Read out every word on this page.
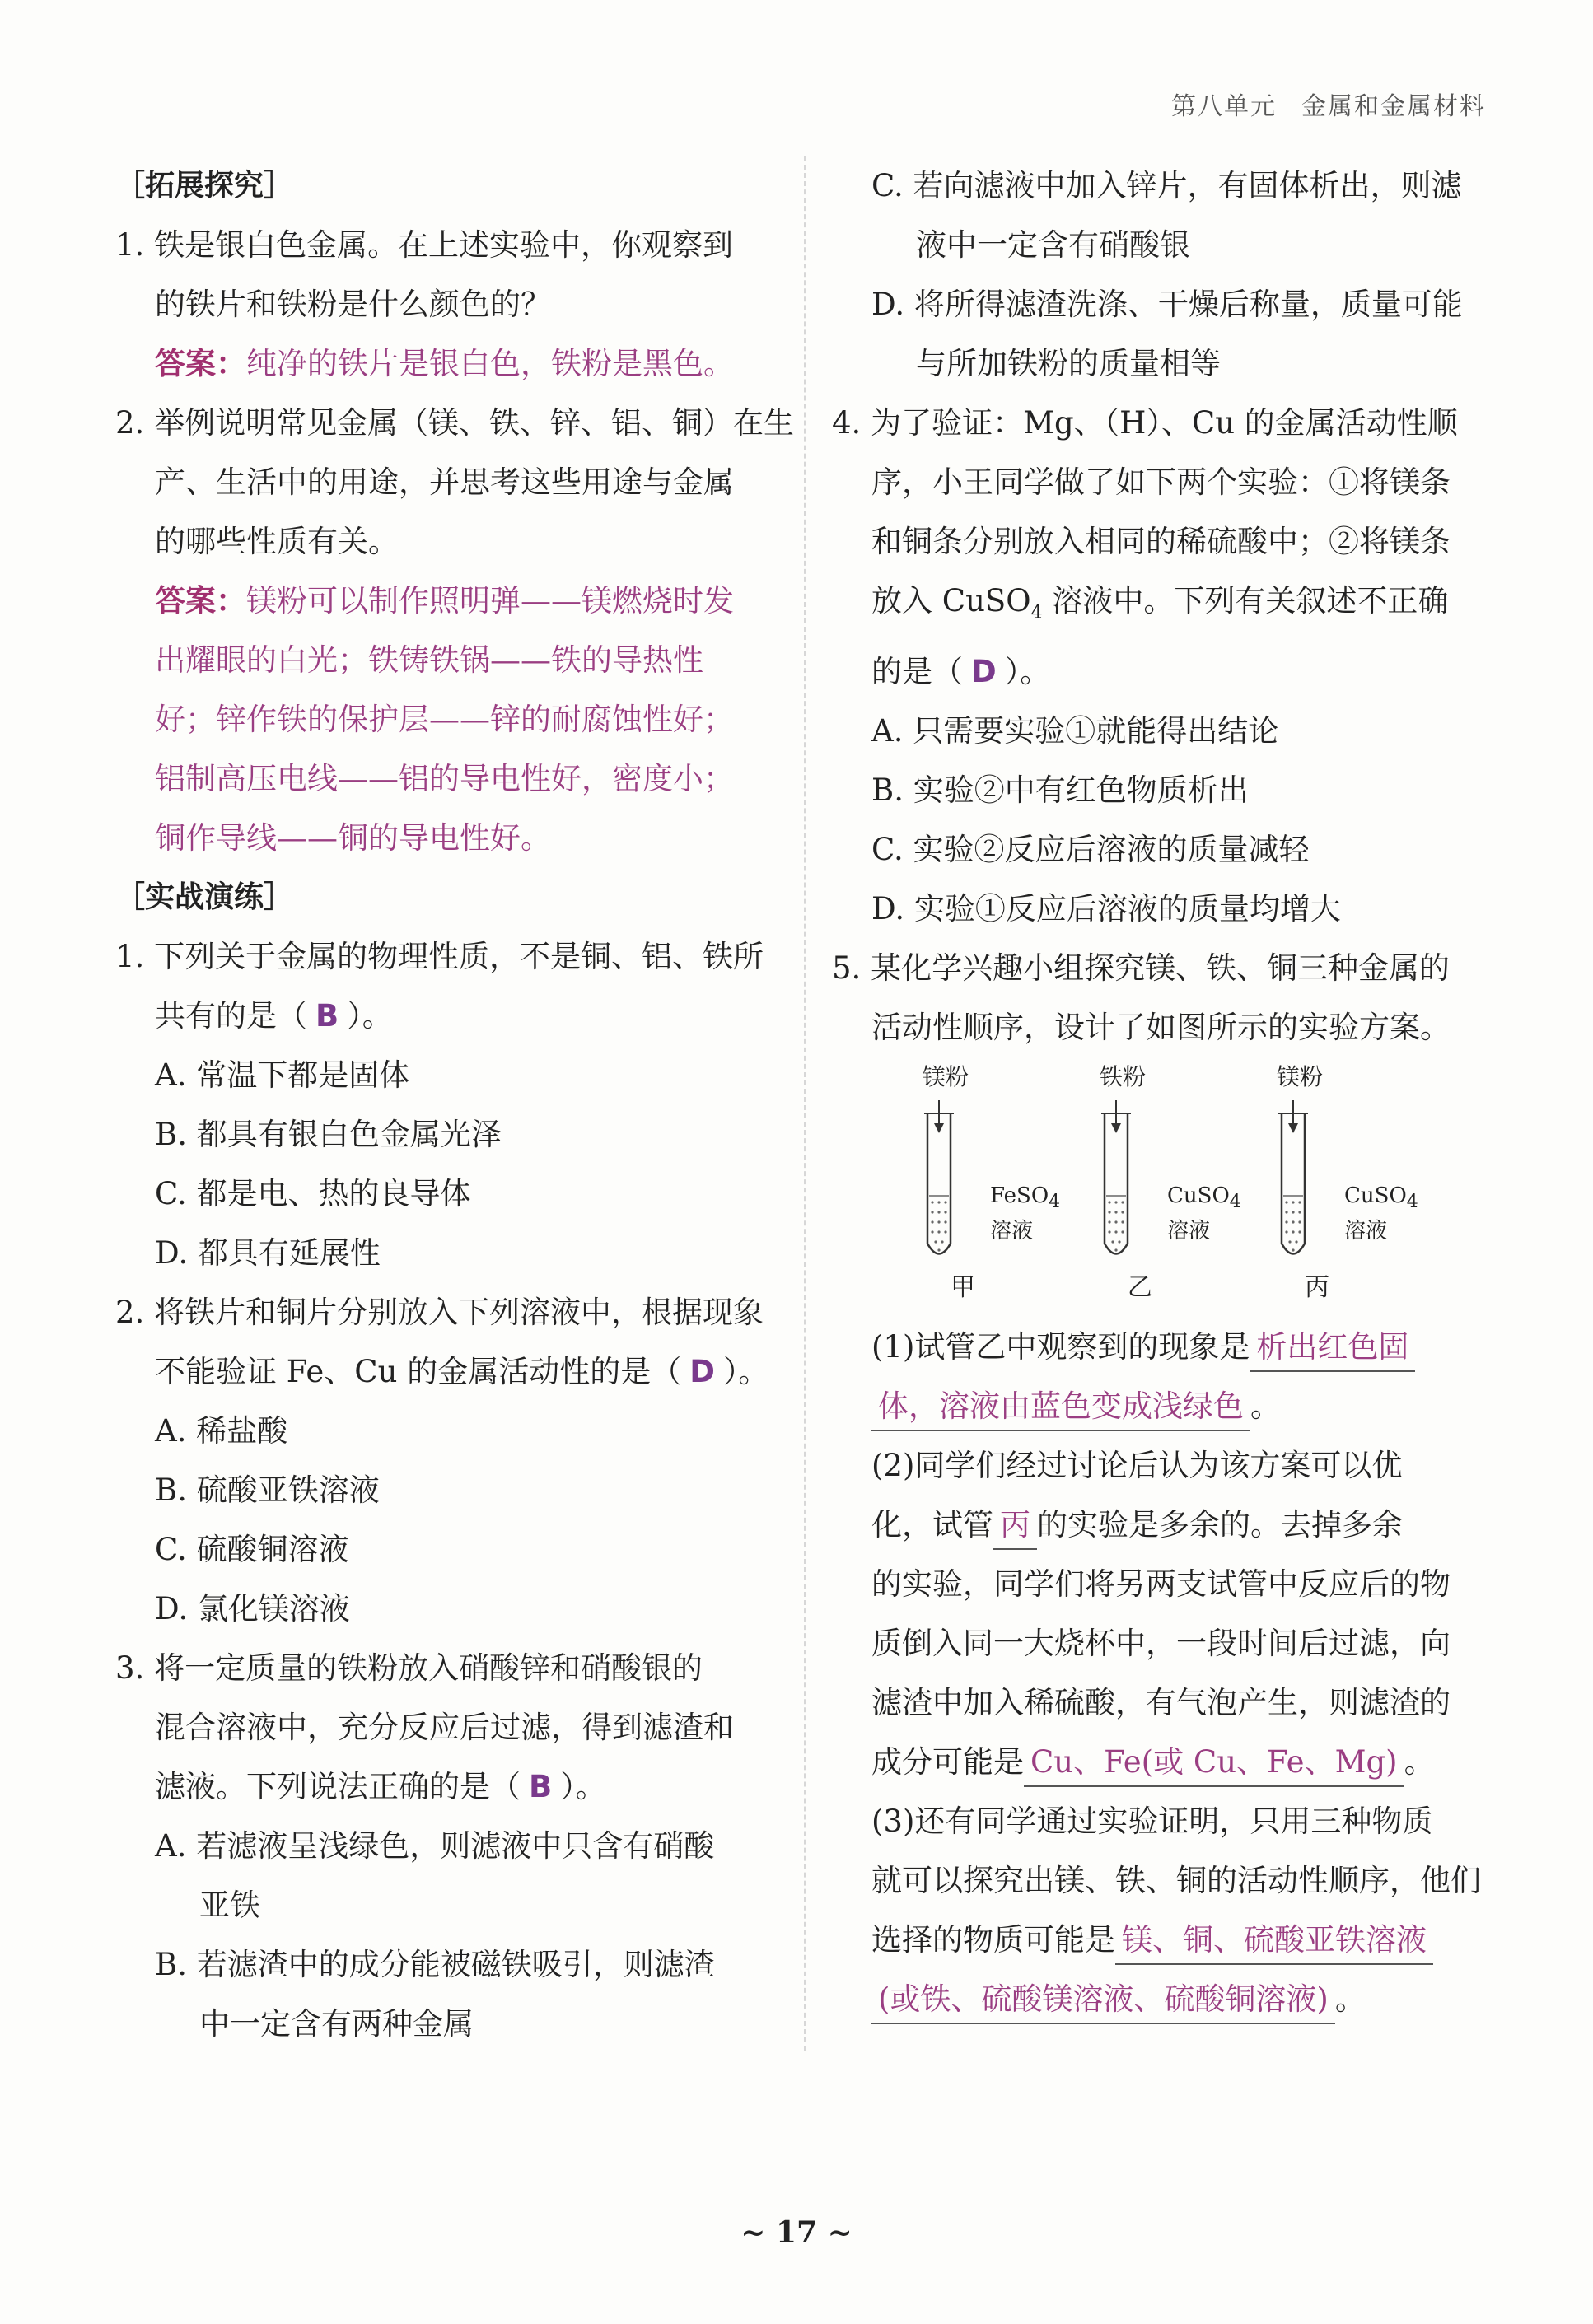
第八单元 金属和金属材料
［拓展探究］
1. 铁是银白色金属。在上述实验中，你观察到
的铁片和铁粉是什么颜色的？
答案：纯净的铁片是银白色，铁粉是黑色。
2. 举例说明常见金属（镁、铁、锌、铝、铜）在生
产、生活中的用途，并思考这些用途与金属
的哪些性质有关。
答案：镁粉可以制作照明弹——镁燃烧时发
出耀眼的白光；铁铸铁锅——铁的导热性
好；锌作铁的保护层——锌的耐腐蚀性好；
铝制高压电线——铝的导电性好，密度小；
铜作导线——铜的导电性好。
［实战演练］
1. 下列关于金属的物理性质，不是铜、铝、铁所
共有的是（ B ）。
A. 常温下都是固体
B. 都具有银白色金属光泽
C. 都是电、热的良导体
D. 都具有延展性
2. 将铁片和铜片分别放入下列溶液中，根据现象
不能验证 Fe、Cu 的金属活动性的是（ D ）。
A. 稀盐酸
B. 硫酸亚铁溶液
C. 硫酸铜溶液
D. 氯化镁溶液
3. 将一定质量的铁粉放入硝酸锌和硝酸银的
混合溶液中，充分反应后过滤，得到滤渣和
滤液。下列说法正确的是（ B ）。
A. 若滤液呈浅绿色，则滤液中只含有硝酸
亚铁
B. 若滤渣中的成分能被磁铁吸引，则滤渣
中一定含有两种金属
C. 若向滤液中加入锌片，有固体析出，则滤
液中一定含有硝酸银
D. 将所得滤渣洗涤、干燥后称量，质量可能
与所加铁粉的质量相等
4. 为了验证：Mg、（H）、Cu 的金属活动性顺
序，小王同学做了如下两个实验：①将镁条
和铜条分别放入相同的稀硫酸中；②将镁条
放入 CuSO$_4$ 溶液中。下列有关叙述不正确
的是（ D ）。
A. 只需要实验①就能得出结论
B. 实验②中有红色物质析出
C. 实验②反应后溶液的质量减轻
D. 实验①反应后溶液的质量均增大
5. 某化学兴趣小组探究镁、铁、铜三种金属的
活动性顺序，设计了如图所示的实验方案。
镁粉
FeSO$_4$
溶液
甲
铁粉
CuSO$_4$
溶液
乙
镁粉
CuSO$_4$
溶液
丙
(1)试管乙中观察到的现象是 析出红色固
体，溶液由蓝色变成浅绿色 。
(2)同学们经过讨论后认为该方案可以优
化，试管 丙 的实验是多余的。去掉多余
的实验，同学们将另两支试管中反应后的物
质倒入同一大烧杯中，一段时间后过滤，向
滤渣中加入稀硫酸，有气泡产生，则滤渣的
成分可能是 Cu、Fe(或 Cu、Fe、Mg) 。
(3)还有同学通过实验证明，只用三种物质
就可以探究出镁、铁、铜的活动性顺序，他们
选择的物质可能是 镁、铜、硫酸亚铁溶液
(或铁、硫酸镁溶液、硫酸铜溶液) 。
~ 17 ~
